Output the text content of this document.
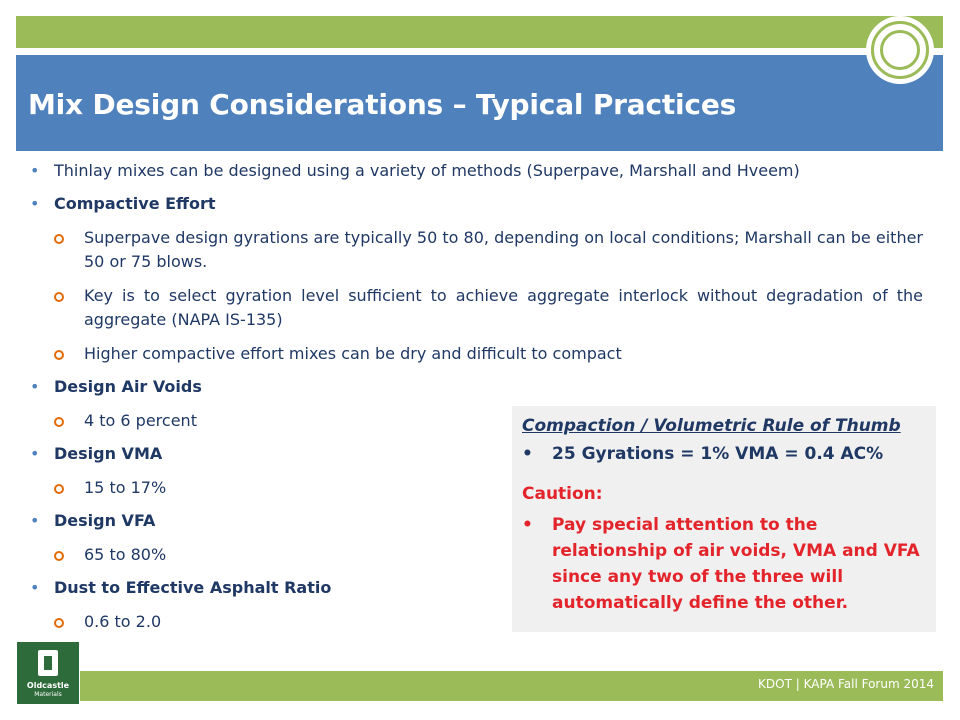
Mix Design Considerations – Typical Practices
• Thinlay mixes can be designed using a variety of methods (Superpave, Marshall and Hveem)
• Compactive Effort
Superpave design gyrations are typically 50 to 80, depending on local conditions; Marshall can be either 50 or 75 blows.
Key is to select gyration level sufficient to achieve aggregate interlock without degradation of the aggregate (NAPA IS-135)
Higher compactive effort mixes can be dry and difficult to compact
• Design Air Voids
4 to 6 percent
• Design VMA
15 to 17%
• Design VFA
65 to 80%
• Dust to Effective Asphalt Ratio
0.6 to 2.0
Compaction / Volumetric Rule of Thumb
• 25 Gyrations = 1% VMA = 0.4 AC%
Caution:
• Pay special attention to the relationship of air voids, VMA and VFA since any two of the three will automatically define the other.
KDOT | KAPA Fall Forum 2014
Oldcastle
Materials
